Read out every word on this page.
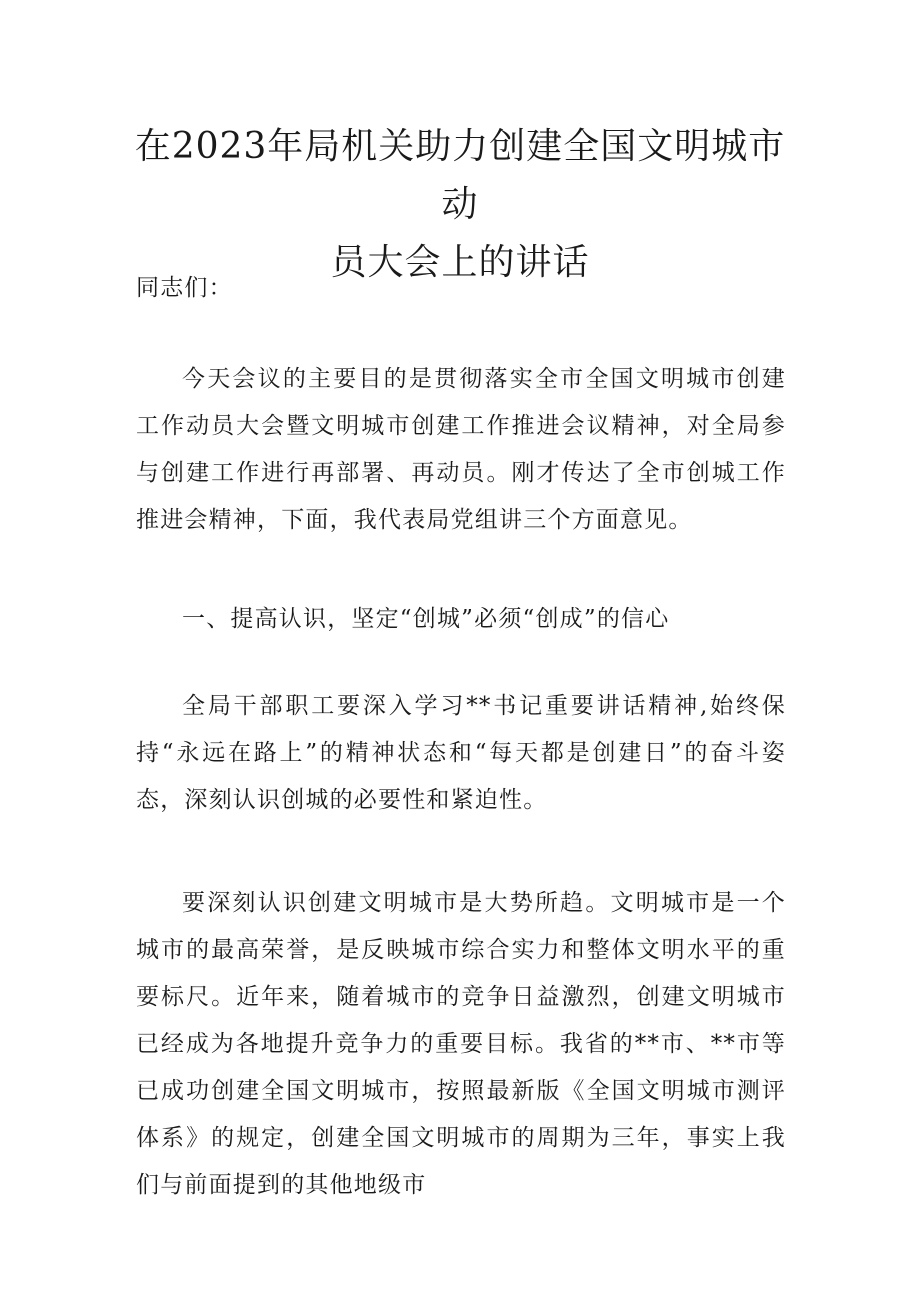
在2023年局机关助力创建全国文明城市动
员大会上的讲话

同志们：

今天会议的主要目的是贯彻落实全市全国文明城市创建工作动员大会暨文明城市创建工作推进会议精神，对全局参与创建工作进行再部署、再动员。刚才传达了全市创城工作推进会精神，下面，我代表局党组讲三个方面意见。

一、提高认识，坚定“创城”必须“创成”的信心

全局干部职工要深入学习**书记重要讲话精神,始终保持“永远在路上”的精神状态和“每天都是创建日”的奋斗姿态，深刻认识创城的必要性和紧迫性。

要深刻认识创建文明城市是大势所趋。文明城市是一个城市的最高荣誉，是反映城市综合实力和整体文明水平的重要标尺。近年来，随着城市的竞争日益激烈，创建文明城市已经成为各地提升竞争力的重要目标。我省的**市、**市等已成功创建全国文明城市，按照最新版《全国文明城市测评体系》的规定，创建全国文明城市的周期为三年，事实上我们与前面提到的其他地级市
